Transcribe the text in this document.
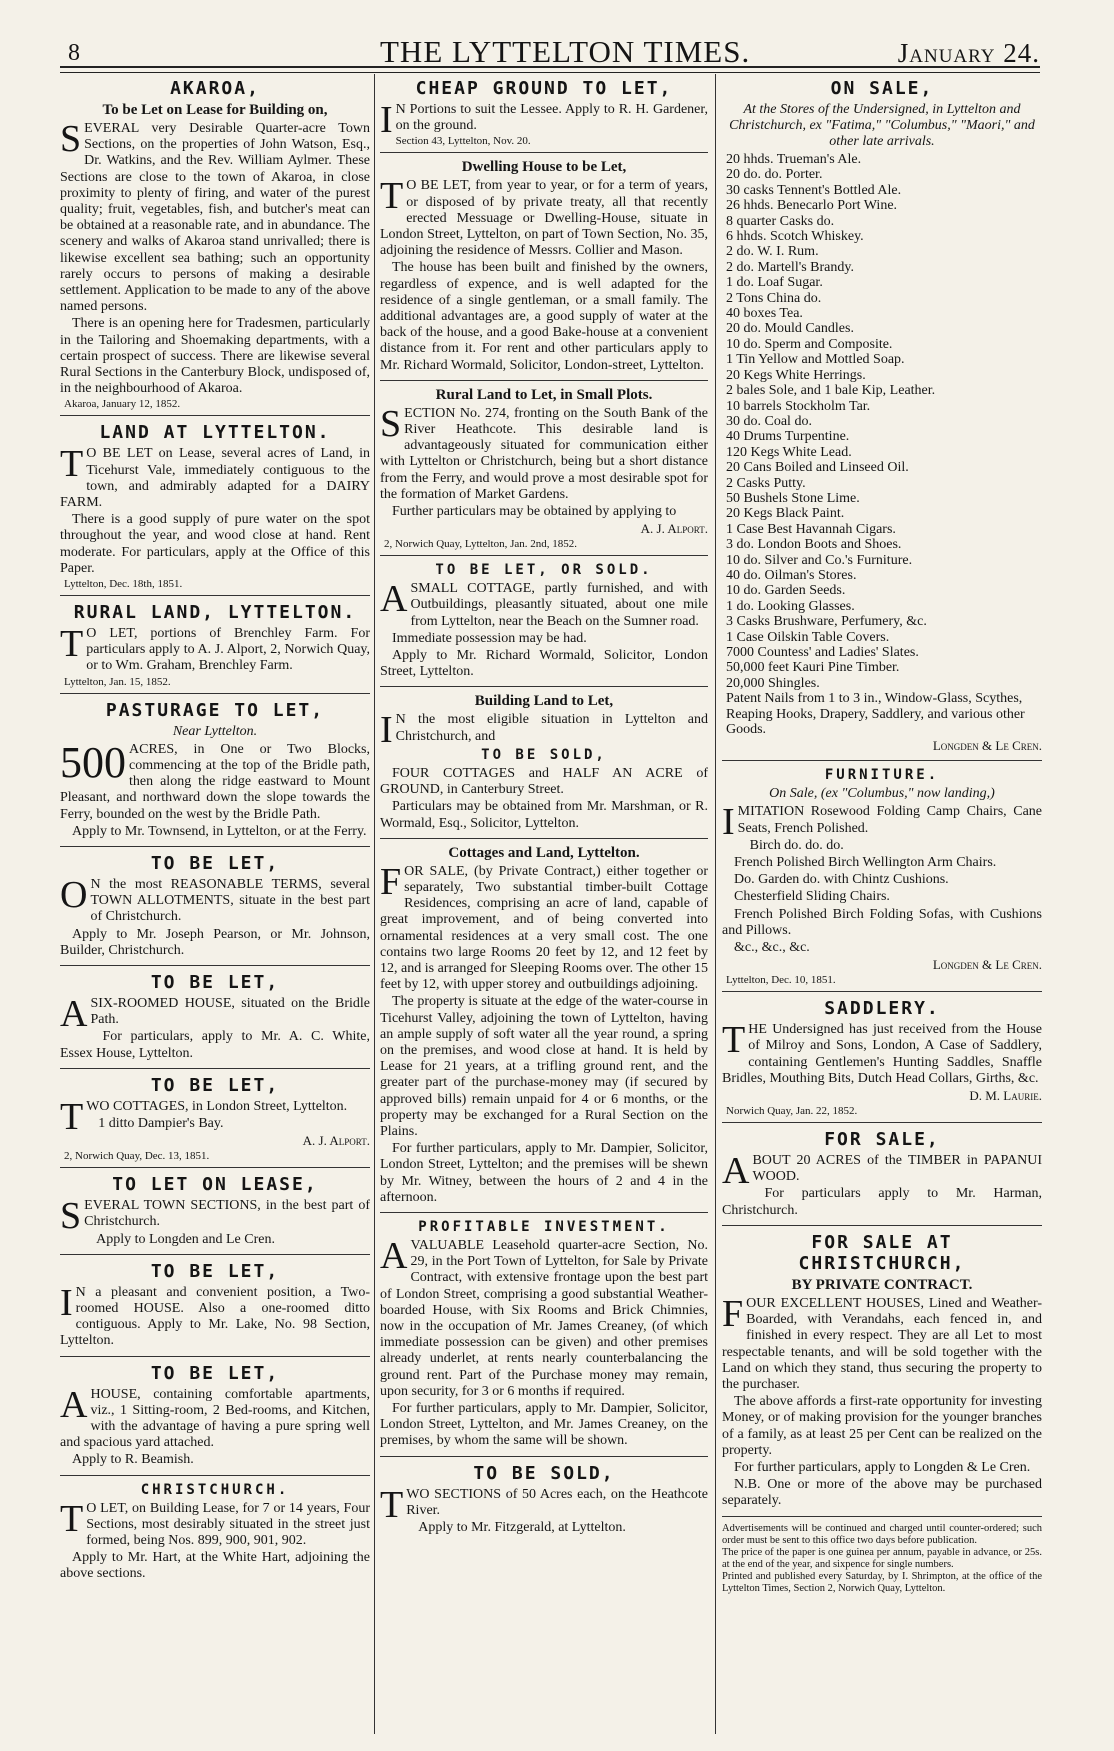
8	THE LYTTELTON TIMES.	January 24.
AKAROA,
To be Let on Lease for Building on,
SEVERAL very Desirable Quarter-acre Town Sections, on the properties of John Watson, Esq., Dr. Watkins, and the Rev. William Aylmer. These Sections are close to the town of Akaroa, in close proximity to plenty of firing, and water of the purest quality; fruit, vegetables, fish, and butcher's meat can be obtained at a reasonable rate, and in abundance. The scenery and walks of Akaroa stand unrivalled; there is likewise excellent sea bathing; such an opportunity rarely occurs to persons of making a desirable settlement. Application to be made to any of the above named persons.
There is an opening here for Tradesmen, particularly in the Tailoring and Shoemaking departments, with a certain prospect of success. There are likewise several Rural Sections in the Canterbury Block, undisposed of, in the neighbourhood of Akaroa.
Akaroa, January 12, 1852.
LAND AT LYTTELTON.
T O BE LET on Lease, several acres of Land, in Ticehurst Vale, immediately contiguous to the town, and admirably adapted for a DAIRY FARM.
There is a good supply of pure water on the spot throughout the year, and wood close at hand. Rent moderate. For particulars, apply at the Office of this Paper.
Lyttelton, Dec. 18th, 1851.
RURAL LAND, LYTTELTON.
T O LET, portions of Brenchley Farm. For particulars apply to A. J. Alport, 2, Norwich Quay, or to Wm. Graham, Brenchley Farm.
Lyttelton, Jan. 15, 1852.
PASTURAGE TO LET,
Near Lyttelton.
500 ACRES, in One or Two Blocks, commencing at the top of the Bridle path, then along the ridge eastward to Mount Pleasant, and northward down the slope towards the Ferry, bounded on the west by the Bridle Path.
Apply to Mr. Townsend, in Lyttelton, or at the Ferry.
TO BE LET,
O N the most REASONABLE TERMS, several TOWN ALLOTMENTS, situate in the best part of Christchurch.
Apply to Mr. Joseph Pearson, or Mr. Johnson, Builder, Christchurch.
TO BE LET,
ASIX-ROOMED HOUSE, situated on the Bridle Path.
For particulars, apply to Mr. A. C. White, Essex House, Lyttelton.
TO BE LET,
TWO COTTAGES, in London Street, Lyttelton.
1 ditto Dampier's Bay.
A. J. Alport.
2, Norwich Quay, Dec. 13, 1851.
TO LET ON LEASE,
SEVERAL TOWN SECTIONS, in the best part of Christchurch.
Apply to Longden and Le Cren.
TO BE LET,
I N a pleasant and convenient position, a Two-roomed HOUSE. Also a one-roomed ditto contiguous. Apply to Mr. Lake, No. 98 Section, Lyttelton.
TO BE LET,
AHOUSE, containing comfortable apartments, viz., 1 Sitting-room, 2 Bed-rooms, and Kitchen, with the advantage of having a pure spring well and spacious yard attached.
Apply to R. Beamish.
CHRISTCHURCH.
T O LET, on Building Lease, for 7 or 14 years, Four Sections, most desirably situated in the street just formed, being Nos. 899, 900, 901, 902.
Apply to Mr. Hart, at the White Hart, adjoining the above sections.
CHEAP GROUND TO LET,
I N Portions to suit the Lessee. Apply to R. H. Gardener, on the ground.
Section 43, Lyttelton, Nov. 20.
Dwelling House to be Let,
T O BE LET, from year to year, or for a term of years, or disposed of by private treaty, all that recently erected Messuage or Dwelling-House, situate in London Street, Lyttelton, on part of Town Section, No. 35, adjoining the residence of Messrs. Collier and Mason.
The house has been built and finished by the owners, regardless of expence, and is well adapted for the residence of a single gentleman, or a small family. The additional advantages are, a good supply of water at the back of the house, and a good Bake-house at a convenient distance from it. For rent and other particulars apply to Mr. Richard Wormald, Solicitor, London-street, Lyttelton.
Rural Land to Let, in Small Plots.
SECTION No. 274, fronting on the South Bank of the River Heathcote. This desirable land is advantageously situated for communication either with Lyttelton or Christchurch, being but a short distance from the Ferry, and would prove a most desirable spot for the formation of Market Gardens.
Further particulars may be obtained by applying to
A. J. Alport.
2, Norwich Quay, Lyttelton, Jan. 2nd, 1852.
TO BE LET, OR SOLD.
ASMALL COTTAGE, partly furnished, and with Outbuildings, pleasantly situated, about one mile from Lyttelton, near the Beach on the Sumner road.
Immediate possession may be had.
Apply to Mr. Richard Wormald, Solicitor, London Street, Lyttelton.
Building Land to Let,
I N the most eligible situation in Lyttelton and Christchurch, and
TO BE SOLD,
FOUR COTTAGES and HALF AN ACRE of GROUND, in Canterbury Street.
Particulars may be obtained from Mr. Marshman, or R. Wormald, Esq., Solicitor, Lyttelton.
Cottages and Land, Lyttelton.
FOR SALE, (by Private Contract,) either together or separately, Two substantial timber-built Cottage Residences, comprising an acre of land, capable of great improvement, and of being converted into ornamental residences at a very small cost. The one contains two large Rooms 20 feet by 12, and 12 feet by 12, and is arranged for Sleeping Rooms over. The other 15 feet by 12, with upper storey and outbuildings adjoining.
The property is situate at the edge of the water-course in Ticehurst Valley, adjoining the town of Lyttelton, having an ample supply of soft water all the year round, a spring on the premises, and wood close at hand. It is held by Lease for 21 years, at a trifling ground rent, and the greater part of the purchase-money may (if secured by approved bills) remain unpaid for 4 or 6 months, or the property may be exchanged for a Rural Section on the Plains.
For further particulars, apply to Mr. Dampier, Solicitor, London Street, Lyttelton; and the premises will be shewn by Mr. Witney, between the hours of 2 and 4 in the afternoon.
PROFITABLE INVESTMENT.
AVALUABLE Leasehold quarter-acre Section, No. 29, in the Port Town of Lyttelton, for Sale by Private Contract, with extensive frontage upon the best part of London Street, comprising a good substantial Weather-boarded House, with Six Rooms and Brick Chimnies, now in the occupation of Mr. James Creaney, (of which immediate possession can be given) and other premises already underlet, at rents nearly counterbalancing the ground rent. Part of the Purchase money may remain, upon security, for 3 or 6 months if required.
For further particulars, apply to Mr. Dampier, Solicitor, London Street, Lyttelton, and Mr. James Creaney, on the premises, by whom the same will be shown.
TO BE SOLD,
TWO SECTIONS of 50 Acres each, on the Heathcote River.
Apply to Mr. Fitzgerald, at Lyttelton.
ON SALE,
At the Stores of the Undersigned, in Lyttelton and Christchurch, ex "Fatima," "Columbus," "Maori," and other late arrivals.
20 hhds. Trueman's Ale.
20 do. do. Porter.
30 casks Tennent's Bottled Ale.
26 hhds. Benecarlo Port Wine.
8 quarter Casks do.
6 hhds. Scotch Whiskey.
2 do. W. I. Rum.
2 do. Martell's Brandy.
1 do. Loaf Sugar.
2 Tons China do.
40 boxes Tea.
20 do. Mould Candles.
10 do. Sperm and Composite.
1 Tin Yellow and Mottled Soap.
20 Kegs White Herrings.
2 bales Sole, and 1 bale Kip, Leather.
10 barrels Stockholm Tar.
30 do. Coal do.
40 Drums Turpentine.
120 Kegs White Lead.
20 Cans Boiled and Linseed Oil.
2 Casks Putty.
50 Bushels Stone Lime.
20 Kegs Black Paint.
1 Case Best Havannah Cigars.
3 do. London Boots and Shoes.
10 do. Silver and Co.'s Furniture.
40 do. Oilman's Stores.
10 do. Garden Seeds.
1 do. Looking Glasses.
3 Casks Brushware, Perfumery, &c.
1 Case Oilskin Table Covers.
7000 Countess' and Ladies' Slates.
50,000 feet Kauri Pine Timber.
20,000 Shingles.
Patent Nails from 1 to 3 in., Window-Glass, Scythes, Reaping Hooks, Drapery, Saddlery, and various other Goods.
Longden & Le Cren.
FURNITURE.
On Sale, (ex "Columbus," now landing,)
IMITATION Rosewood Folding Camp Chairs, Cane Seats, French Polished.
Birch do. do. do.
French Polished Birch Wellington Arm Chairs.
Do. Garden do. with Chintz Cushions.
Chesterfield Sliding Chairs.
French Polished Birch Folding Sofas, with Cushions and Pillows.
&c., &c., &c.
Longden & Le Cren.
Lyttelton, Dec. 10, 1851.
SADDLERY.
THE Undersigned has just received from the House of Milroy and Sons, London, A Case of Saddlery, containing Gentlemen's Hunting Saddles, Snaffle Bridles, Mouthing Bits, Dutch Head Collars, Girths, &c.
D. M. Laurie.
Norwich Quay, Jan. 22, 1852.
FOR SALE,
ABOUT 20 ACRES of the TIMBER in PAPANUI WOOD.
For particulars apply to Mr. Harman, Christchurch.
FOR SALE AT CHRISTCHURCH,
BY PRIVATE CONTRACT.
FOUR EXCELLENT HOUSES, Lined and Weather-Boarded, with Verandahs, each fenced in, and finished in every respect. They are all Let to most respectable tenants, and will be sold together with the Land on which they stand, thus securing the property to the purchaser.
The above affords a first-rate opportunity for investing Money, or of making provision for the younger branches of a family, as at least 25 per Cent can be realized on the property.
For further particulars, apply to Longden & Le Cren.
N.B. One or more of the above may be purchased separately.
Advertisements will be continued and charged until counter-ordered; such order must be sent to this office two days before publication.
The price of the paper is one guinea per annum, payable in advance, or 25s. at the end of the year, and sixpence for single numbers.
Printed and published every Saturday, by I. Shrimpton, at the office of the Lyttelton Times, Section 2, Norwich Quay, Lyttelton.
